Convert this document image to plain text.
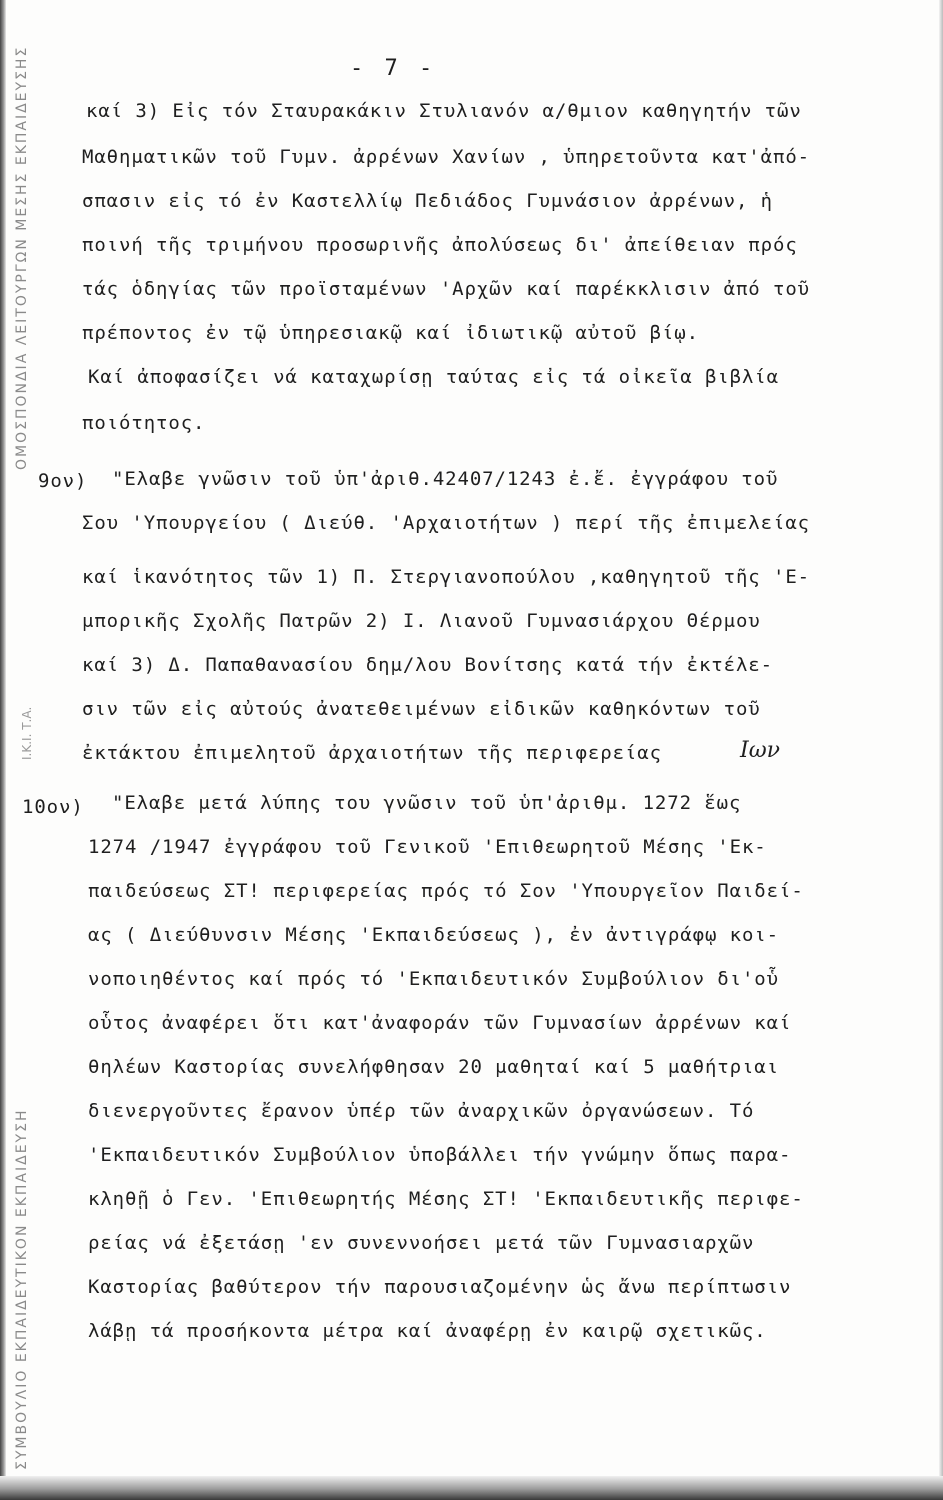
ΟΜΟΣΠΟΝΔΙΑ ΛΕΙΤΟΥΡΓΩΝ ΜΕΣΗΣ ΕΚΠΑΙΔΕΥΣΗΣ
ΣΥΜΒΟΥΛΙΟ ΕΚΠΑΙΔΕΥΤΙΚΟΝ ΕΚΠΑΙΔΕΥΣΗ
Ι.Κ.Ι. Τ.Α.
- 7 -
καί 3) Εἰς τόν Σταυρακάκιν Στυλιανόν α/θμιον καθηγητήν τῶν
Μαθηματικῶν τοῦ Γυμν. ἀρρένων Χανίων , ὑπηρετοῦντα κατ'ἀπό-
σπασιν εἰς τό ἐν Καστελλίῳ Πεδιάδος Γυμνάσιον ἀρρένων, ἡ
ποινή τῆς τριμήνου προσωρινῆς ἀπολύσεως δι' ἀπείθειαν πρός
τάς ὁδηγίας τῶν προϊσταμένων 'Αρχῶν καί παρέκκλισιν ἀπό τοῦ
πρέποντος ἐν τῷ ὑπηρεσιακῷ καί ἰδιωτικῷ αὐτοῦ βίῳ.
Καί ἀποφασίζει νά καταχωρίσῃ ταύτας εἰς τά οἰκεῖα βιβλία
ποιότητος.
9ον) "Ελαβε γνῶσιν τοῦ ὑπ'ἀριθ.42407/1243 ἐ.ἔ. ἐγγράφου τοῦ
Σου 'Υπουργείου ( Διεύθ. 'Αρχαιοτήτων ) περί τῆς ἐπιμελείας
καί ἱκανότητος τῶν 1) Π. Στεργιανοπούλου ,καθηγητοῦ τῆς 'Ε-
μπορικῆς Σχολῆς Πατρῶν 2) Ι. Λιανοῦ Γυμνασιάρχου Θέρμου
καί 3) Δ. Παπαθανασίου δημ/λου Βονίτσης κατά τήν ἐκτέλε-
σιν τῶν εἰς αὐτούς ἀνατεθειμένων εἰδικῶν καθηκόντων τοῦ
ἐκτάκτου ἐπιμελητοῦ ἀρχαιοτήτων τῆς περιφερείας	Ιων
10ον) "Ελαβε μετά λύπης του γνῶσιν τοῦ ὑπ'ἀριθμ. 1272 ἕως
1274 /1947 ἐγγράφου τοῦ Γενικοῦ 'Επιθεωρητοῦ Μέσης 'Εκ-
παιδεύσεως ΣΤ! περιφερείας πρός τό Σον 'Υπουργεῖον Παιδεί-
ας ( Διεύθυνσιν Μέσης 'Εκπαιδεύσεως ), ἐν ἀντιγράφῳ κοι-
νοποιηθέντος καί πρός τό 'Εκπαιδευτικόν Συμβούλιον δι'οὗ
οὗτος ἀναφέρει ὅτι κατ'ἀναφοράν τῶν Γυμνασίων ἀρρένων καί
θηλέων Καστορίας συνελήφθησαν 20 μαθηταί καί 5 μαθήτριαι
διενεργοῦντες ἔρανον ὑπέρ τῶν ἀναρχικῶν ὀργανώσεων. Τό
'Εκπαιδευτικόν Συμβούλιον ὑποβάλλει τήν γνώμην ὅπως παρα-
κληθῇ ὁ Γεν. 'Επιθεωρητής Μέσης ΣΤ! 'Εκπαιδευτικῆς περιφε-
ρείας νά ἐξετάσῃ 'εν συνεννοήσει μετά τῶν Γυμνασιαρχῶν
Καστορίας βαθύτερον τήν παρουσιαζομένην ὡς ἄνω περίπτωσιν
λάβῃ τά προσήκοντα μέτρα καί ἀναφέρῃ ἐν καιρῷ σχετικῶς.
